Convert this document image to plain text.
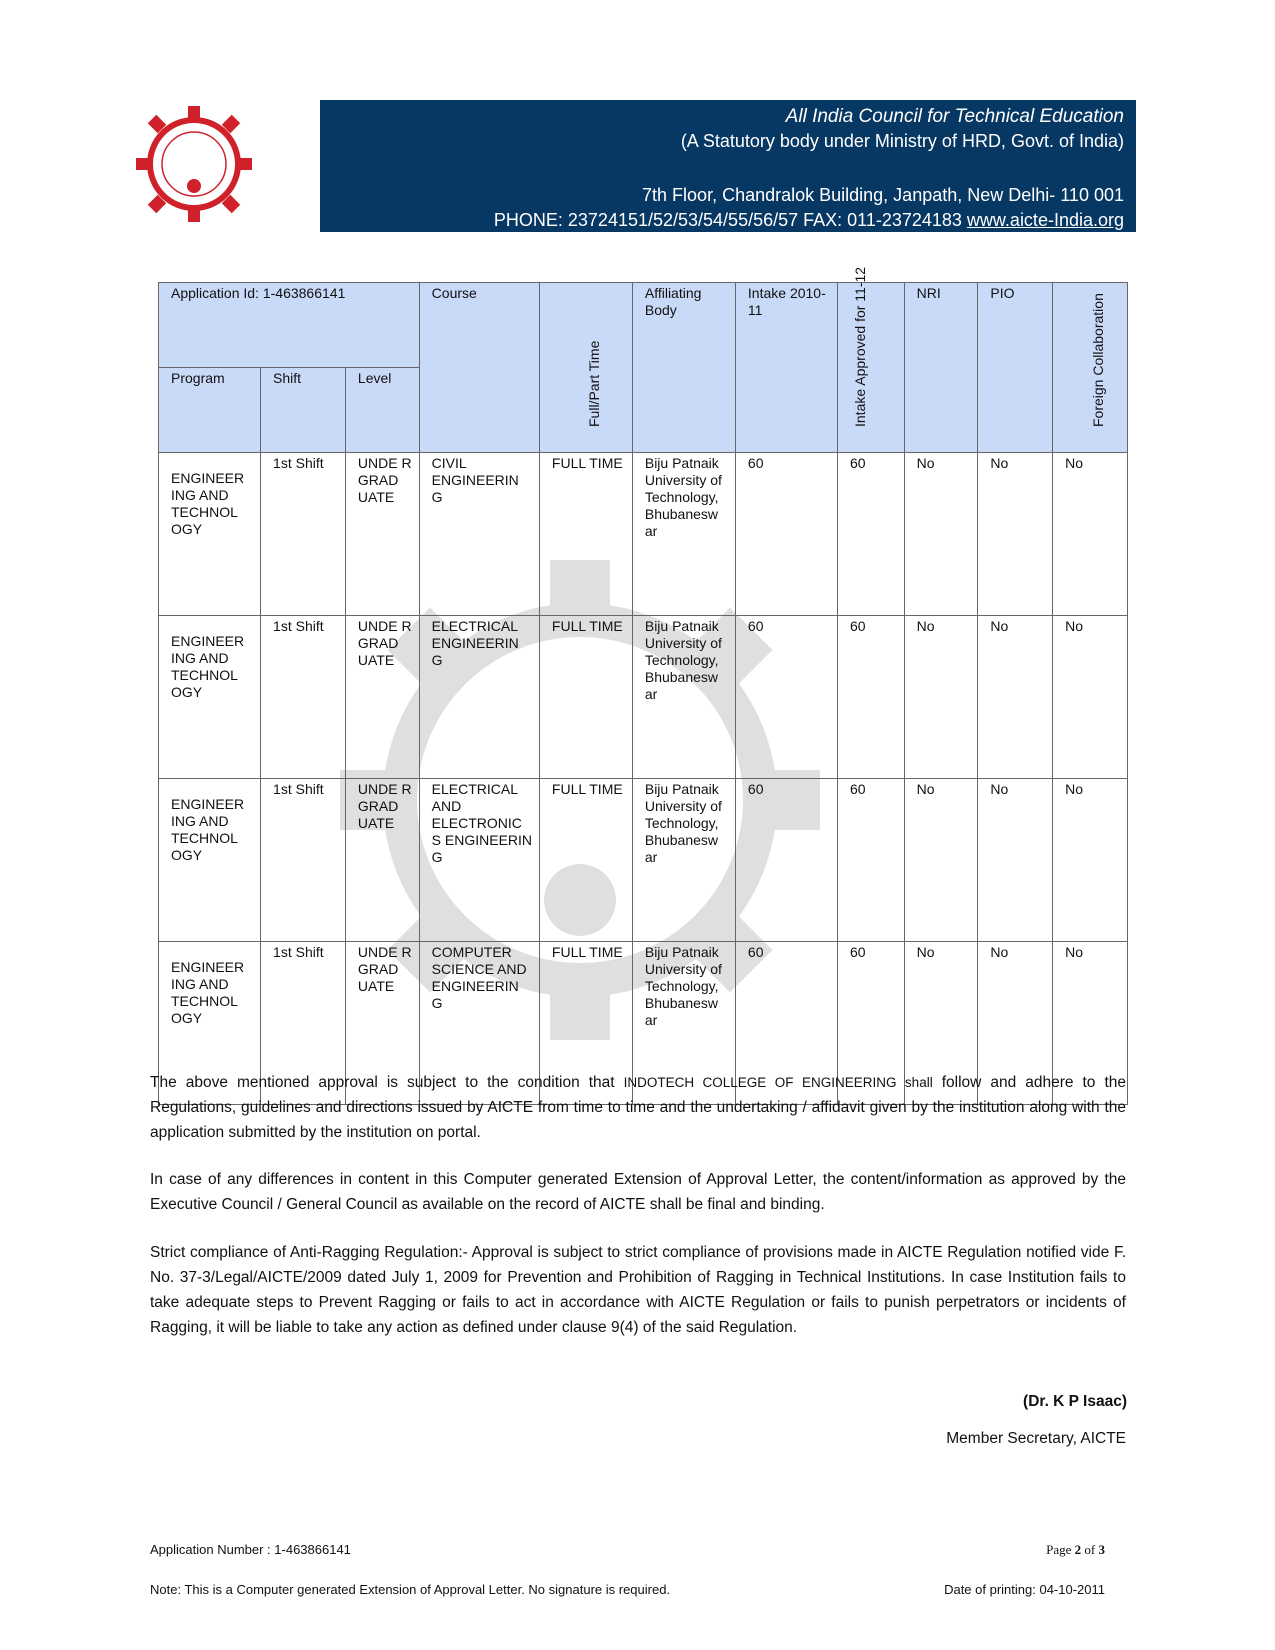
All India Council for Technical Education
(A Statutory body under Ministry of HRD, Govt. of India)
7th Floor, Chandralok Building, Janpath, New Delhi- 110 001
PHONE: 23724151/52/53/54/55/56/57 FAX: 011-23724183 www.aicte-India.org
Application Id: 1-463866141			Course	Full/Part Time	Affiliating Body	Intake 2010-11	Intake Approved for 11-12	NRI	PIO	Foreign Collaboration

Program	Shift	Level								
ENGINEER ING AND TECHNOL OGY	1st Shift	UNDE R GRAD UATE	CIVIL ENGINEERIN G	FULL TIME	Biju Patnaik University of Technology, Bhubanesw ar	60	60	No	No	No
ENGINEER ING AND TECHNOL OGY	1st Shift	UNDE R GRAD UATE	ELECTRICAL ENGINEERIN G	FULL TIME	Biju Patnaik University of Technology, Bhubanesw ar	60	60	No	No	No
ENGINEER ING AND TECHNOL OGY	1st Shift	UNDE R GRAD UATE	ELECTRICAL AND ELECTRONIC S ENGINEERIN G	FULL TIME	Biju Patnaik University of Technology, Bhubanesw ar	60	60	No	No	No
ENGINEER ING AND TECHNOL OGY	1st Shift	UNDE R GRAD UATE	COMPUTER SCIENCE AND ENGINEERIN G	FULL TIME	Biju Patnaik University of Technology, Bhubanesw ar	60	60	No	No	No
The above mentioned approval is subject to the condition that INDOTECH COLLEGE OF ENGINEERING shall follow and adhere to the Regulations, guidelines and directions issued by AICTE from time to time and the undertaking / affidavit given by the institution along with the application submitted by the institution on portal.
In case of any differences in content in this Computer generated Extension of Approval Letter, the content/information as approved by the Executive Council / General Council as available on the record of AICTE shall be final and binding.
Strict compliance of Anti-Ragging Regulation:- Approval is subject to strict compliance of provisions made in AICTE Regulation notified vide F. No. 37-3/Legal/AICTE/2009 dated July 1, 2009 for Prevention and Prohibition of Ragging in Technical Institutions. In case Institution fails to take adequate steps to Prevent Ragging or fails to act in accordance with AICTE Regulation or fails to punish perpetrators or incidents of Ragging, it will be liable to take any action as defined under clause 9(4) of the said Regulation.
(Dr. K P Isaac)
Member Secretary, AICTE
Application Number : 1-463866141	Page 2 of 3
Note: This is a Computer generated Extension of Approval Letter. No signature is required.	Date of printing: 04-10-2011
